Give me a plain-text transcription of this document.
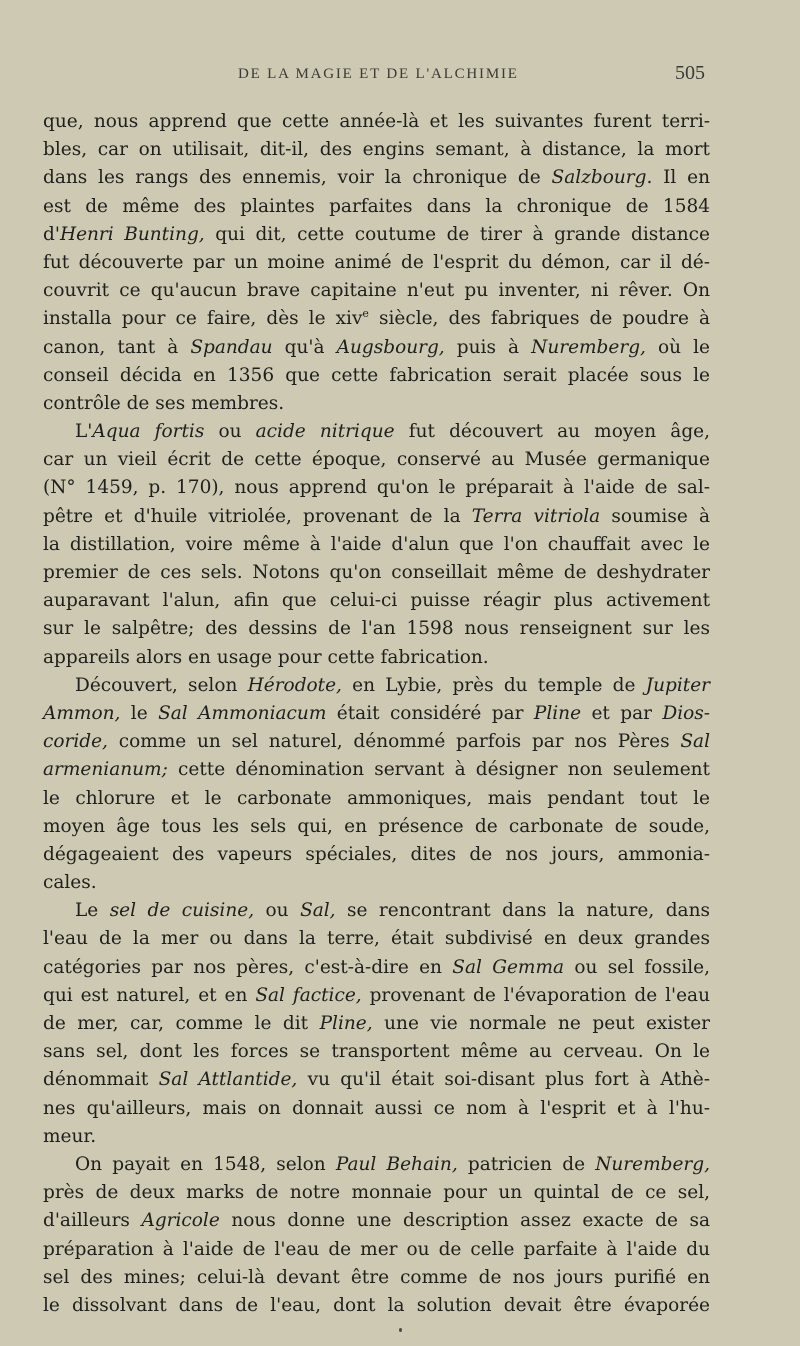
DE LA MAGIE ET DE L'ALCHIMIE	505
que, nous apprend que cette année-là et les suivantes furent terri-
bles, car on utilisait, dit-il, des engins semant, à distance, la mort
dans les rangs des ennemis, voir la chronique de Salzbourg. Il en
est de même des plaintes parfaites dans la chronique de 1584
d'Henri Bunting, qui dit, cette coutume de tirer à grande distance
fut découverte par un moine animé de l'esprit du démon, car il dé-
couvrit ce qu'aucun brave capitaine n'eut pu inventer, ni rêver. On
installa pour ce faire, dès le xiv$^e$ siècle, des fabriques de poudre à
canon, tant à Spandau qu'à Augsbourg, puis à Nuremberg, où le
conseil décida en 1356 que cette fabrication serait placée sous le
contrôle de ses membres.
L'Aqua fortis ou acide nitrique fut découvert au moyen âge,
car un vieil écrit de cette époque, conservé au Musée germanique
(N° 1459, p. 170), nous apprend qu'on le préparait à l'aide de sal-
pêtre et d'huile vitriolée, provenant de la Terra vitriola soumise à
la distillation, voire même à l'aide d'alun que l'on chauffait avec le
premier de ces sels. Notons qu'on conseillait même de deshydrater
auparavant l'alun, afin que celui-ci puisse réagir plus activement
sur le salpêtre; des dessins de l'an 1598 nous renseignent sur les
appareils alors en usage pour cette fabrication.
Découvert, selon Hérodote, en Lybie, près du temple de Jupiter
Ammon, le Sal Ammoniacum était considéré par Pline et par Dios-
coride, comme un sel naturel, dénommé parfois par nos Pères Sal
armenianum; cette dénomination servant à désigner non seulement
le chlorure et le carbonate ammoniques, mais pendant tout le
moyen âge tous les sels qui, en présence de carbonate de soude,
dégageaient des vapeurs spéciales, dites de nos jours, ammonia-
cales.
Le sel de cuisine, ou Sal, se rencontrant dans la nature, dans
l'eau de la mer ou dans la terre, était subdivisé en deux grandes
catégories par nos pères, c'est-à-dire en Sal Gemma ou sel fossile,
qui est naturel, et en Sal factice, provenant de l'évaporation de l'eau
de mer, car, comme le dit Pline, une vie normale ne peut exister
sans sel, dont les forces se transportent même au cerveau. On le
dénommait Sal Attlantide, vu qu'il était soi-disant plus fort à Athè-
nes qu'ailleurs, mais on donnait aussi ce nom à l'esprit et à l'hu-
meur.
On payait en 1548, selon Paul Behain, patricien de Nuremberg,
près de deux marks de notre monnaie pour un quintal de ce sel,
d'ailleurs Agricole nous donne une description assez exacte de sa
préparation à l'aide de l'eau de mer ou de celle parfaite à l'aide du
sel des mines; celui-là devant être comme de nos jours purifié en
le dissolvant dans de l'eau, dont la solution devait être évaporée
